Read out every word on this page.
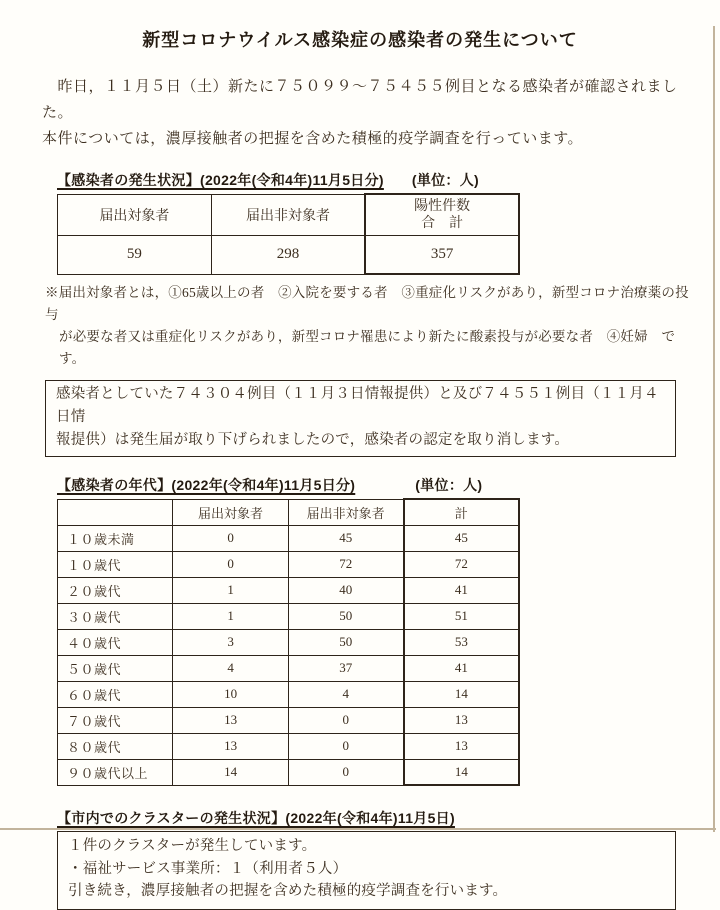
新型コロナウイルス感染症の感染者の発生について
　昨日，１１月５日（土）新たに７５０９９～７５４５５例目となる感染者が確認されました。
本件については，濃厚接触者の把握を含めた積極的疫学調査を行っています。
【感染者の発生状況】(2022年(令和4年)11月5日分) (単位：人)
届出対象者	届出非対象者	陽性件数
合　計

59	298	357
※届出対象者とは，①65歳以上の者　②入院を要する者　③重症化リスクがあり，新型コロナ治療薬の投与
が必要な者又は重症化リスクがあり，新型コロナ罹患により新たに酸素投与が必要な者　④妊婦　です。
感染者としていた７４３０４例目（１１月３日情報提供）と及び７４５５１例目（１１月４日情
報提供）は発生届が取り下げられましたので，感染者の認定を取り消します。
【感染者の年代】(2022年(令和4年)11月5日分)	(単位：人)
	届出対象者	届出非対象者	計
１０歳未満	0	45	45
１０歳代	0	72	72
２０歳代	1	40	41
３０歳代	1	50	51
４０歳代	3	50	53
５０歳代	4	37	41
６０歳代	10	4	14
７０歳代	13	0	13
８０歳代	13	0	13
９０歳代以上	14	0	14
【市内でのクラスターの発生状況】(2022年(令和4年)11月5日)
１件のクラスターが発生しています。
・福祉サービス事業所：１（利用者５人）
引き続き，濃厚接触者の把握を含めた積極的疫学調査を行います。
